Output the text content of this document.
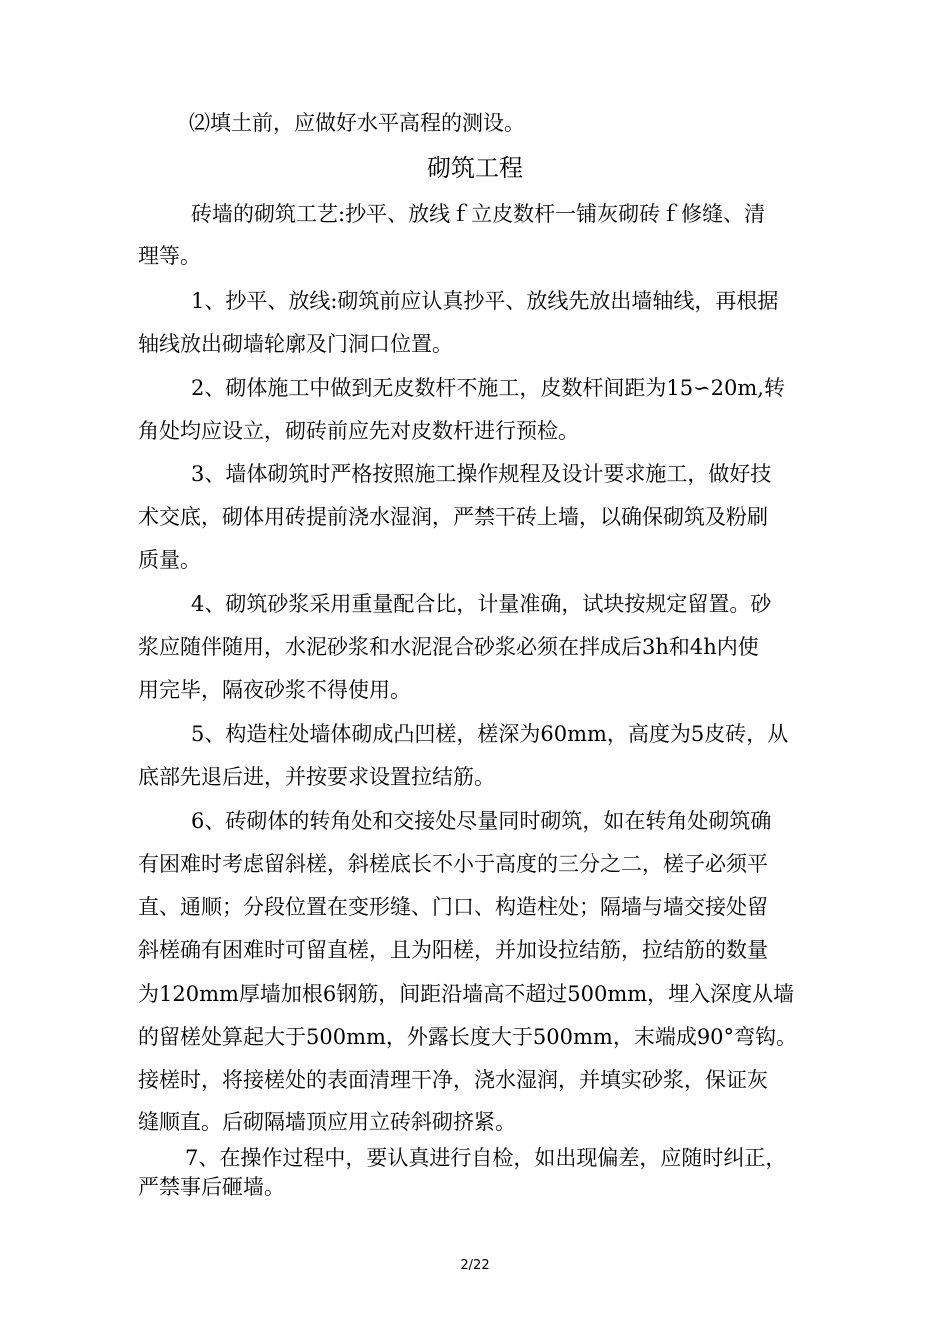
⑵填土前，应做好水平高程的测设。
砌筑工程
砖墙的砌筑工艺:抄平、放线ｆ立皮数杆一铺灰砌砖ｆ修缝、清
理等。
1、抄平、放线:砌筑前应认真抄平、放线先放出墙轴线，再根据
轴线放出砌墙轮廓及门洞口位置。
2、砌体施工中做到无皮数杆不施工，皮数杆间距为15∽20m,转
角处均应设立，砌砖前应先对皮数杆进行预检。
3、墙体砌筑时严格按照施工操作规程及设计要求施工，做好技
术交底，砌体用砖提前浇水湿润，严禁干砖上墙，以确保砌筑及粉刷
质量。
4、砌筑砂浆采用重量配合比，计量准确，试块按规定留置。砂
浆应随伴随用，水泥砂浆和水泥混合砂浆必须在拌成后3h和4h内使
用完毕，隔夜砂浆不得使用。
5、构造柱处墙体砌成凸凹槎，槎深为60mm，高度为5皮砖，从
底部先退后进，并按要求设置拉结筋。
6、砖砌体的转角处和交接处尽量同时砌筑，如在转角处砌筑确
有困难时考虑留斜槎，斜槎底长不小于高度的三分之二，槎子必须平
直、通顺；分段位置在变形缝、门口、构造柱处；隔墙与墙交接处留
斜槎确有困难时可留直槎，且为阳槎，并加设拉结筋，拉结筋的数量
为120mm厚墙加根6钢筋，间距沿墙高不超过500mm，埋入深度从墙
的留槎处算起大于500mm，外露长度大于500mm，末端成90°弯钩。
接槎时，将接槎处的表面清理干净，浇水湿润，并填实砂浆，保证灰
缝顺直。后砌隔墙顶应用立砖斜砌挤紧。
7、在操作过程中，要认真进行自检，如出现偏差，应随时纠正，
严禁事后砸墙。
2/22
